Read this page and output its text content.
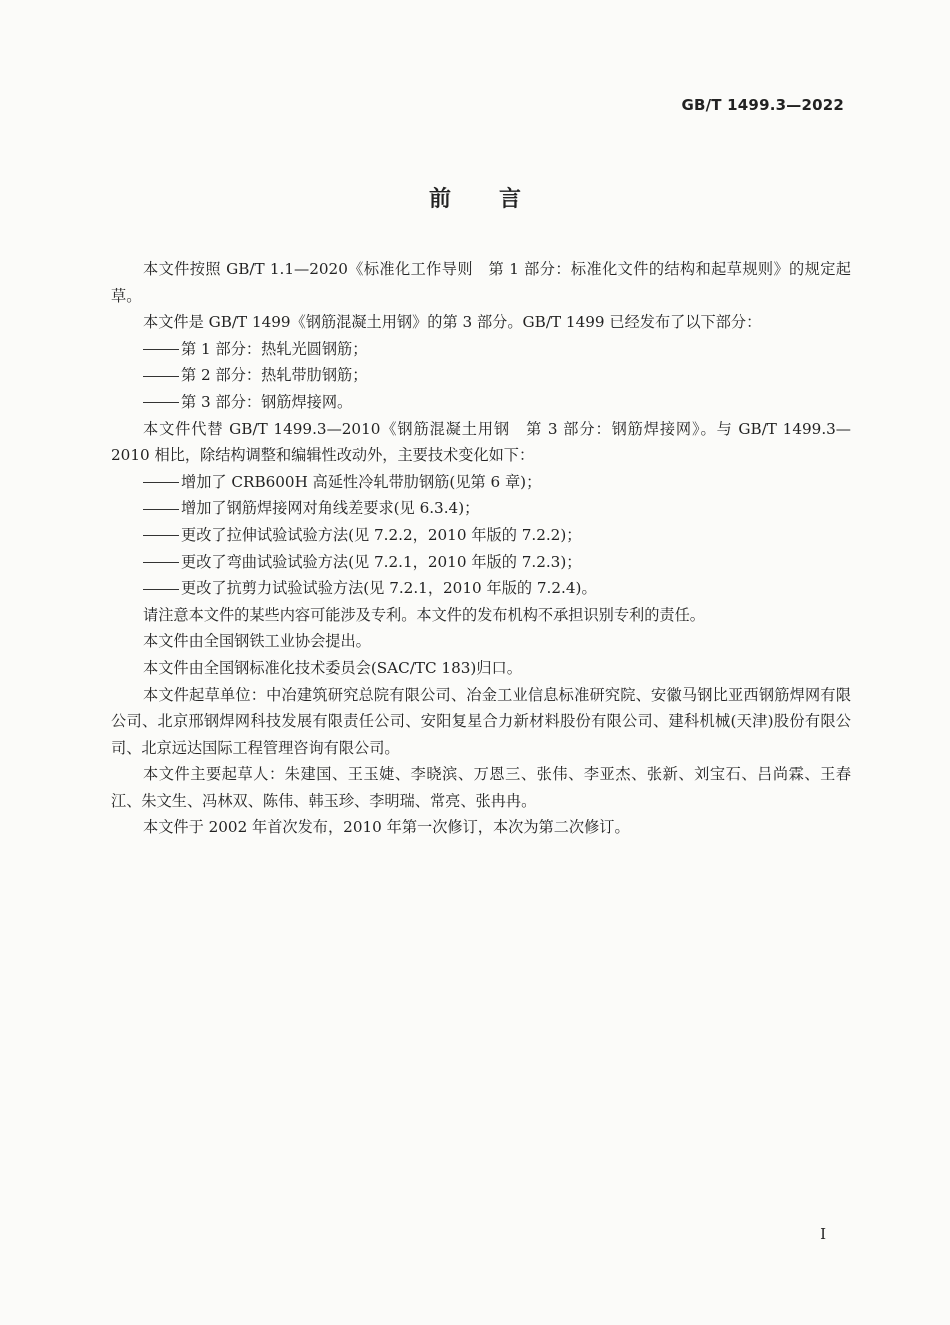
GB/T 1499.3—2022
前言

本文件按照 GB/T 1.1—2020《标准化工作导则　第 1 部分：标准化文件的结构和起草规则》的规定起草。

本文件是 GB/T 1499《钢筋混凝土用钢》的第 3 部分。GB/T 1499 已经发布了以下部分：

第 1 部分：热轧光圆钢筋；

第 2 部分：热轧带肋钢筋；

第 3 部分：钢筋焊接网。

本文件代替 GB/T 1499.3—2010《钢筋混凝土用钢　第 3 部分：钢筋焊接网》。与 GB/T 1499.3—2010 相比，除结构调整和编辑性改动外，主要技术变化如下：

增加了 CRB600H 高延性冷轧带肋钢筋(见第 6 章)；

增加了钢筋焊接网对角线差要求(见 6.3.4)；

更改了拉伸试验试验方法(见 7.2.2，2010 年版的 7.2.2)；

更改了弯曲试验试验方法(见 7.2.1，2010 年版的 7.2.3)；

更改了抗剪力试验试验方法(见 7.2.1，2010 年版的 7.2.4)。

请注意本文件的某些内容可能涉及专利。本文件的发布机构不承担识别专利的责任。

本文件由全国钢铁工业协会提出。

本文件由全国钢标准化技术委员会(SAC/TC 183)归口。

本文件起草单位：中冶建筑研究总院有限公司、冶金工业信息标准研究院、安徽马钢比亚西钢筋焊网有限公司、北京邢钢焊网科技发展有限责任公司、安阳复星合力新材料股份有限公司、建科机械(天津)股份有限公司、北京远达国际工程管理咨询有限公司。

本文件主要起草人：朱建国、王玉婕、李晓滨、万恩三、张伟、李亚杰、张新、刘宝石、吕尚霖、王春江、朱文生、冯林双、陈伟、韩玉珍、李明瑞、常亮、张冉冉。

本文件于 2002 年首次发布，2010 年第一次修订，本次为第二次修订。

I
